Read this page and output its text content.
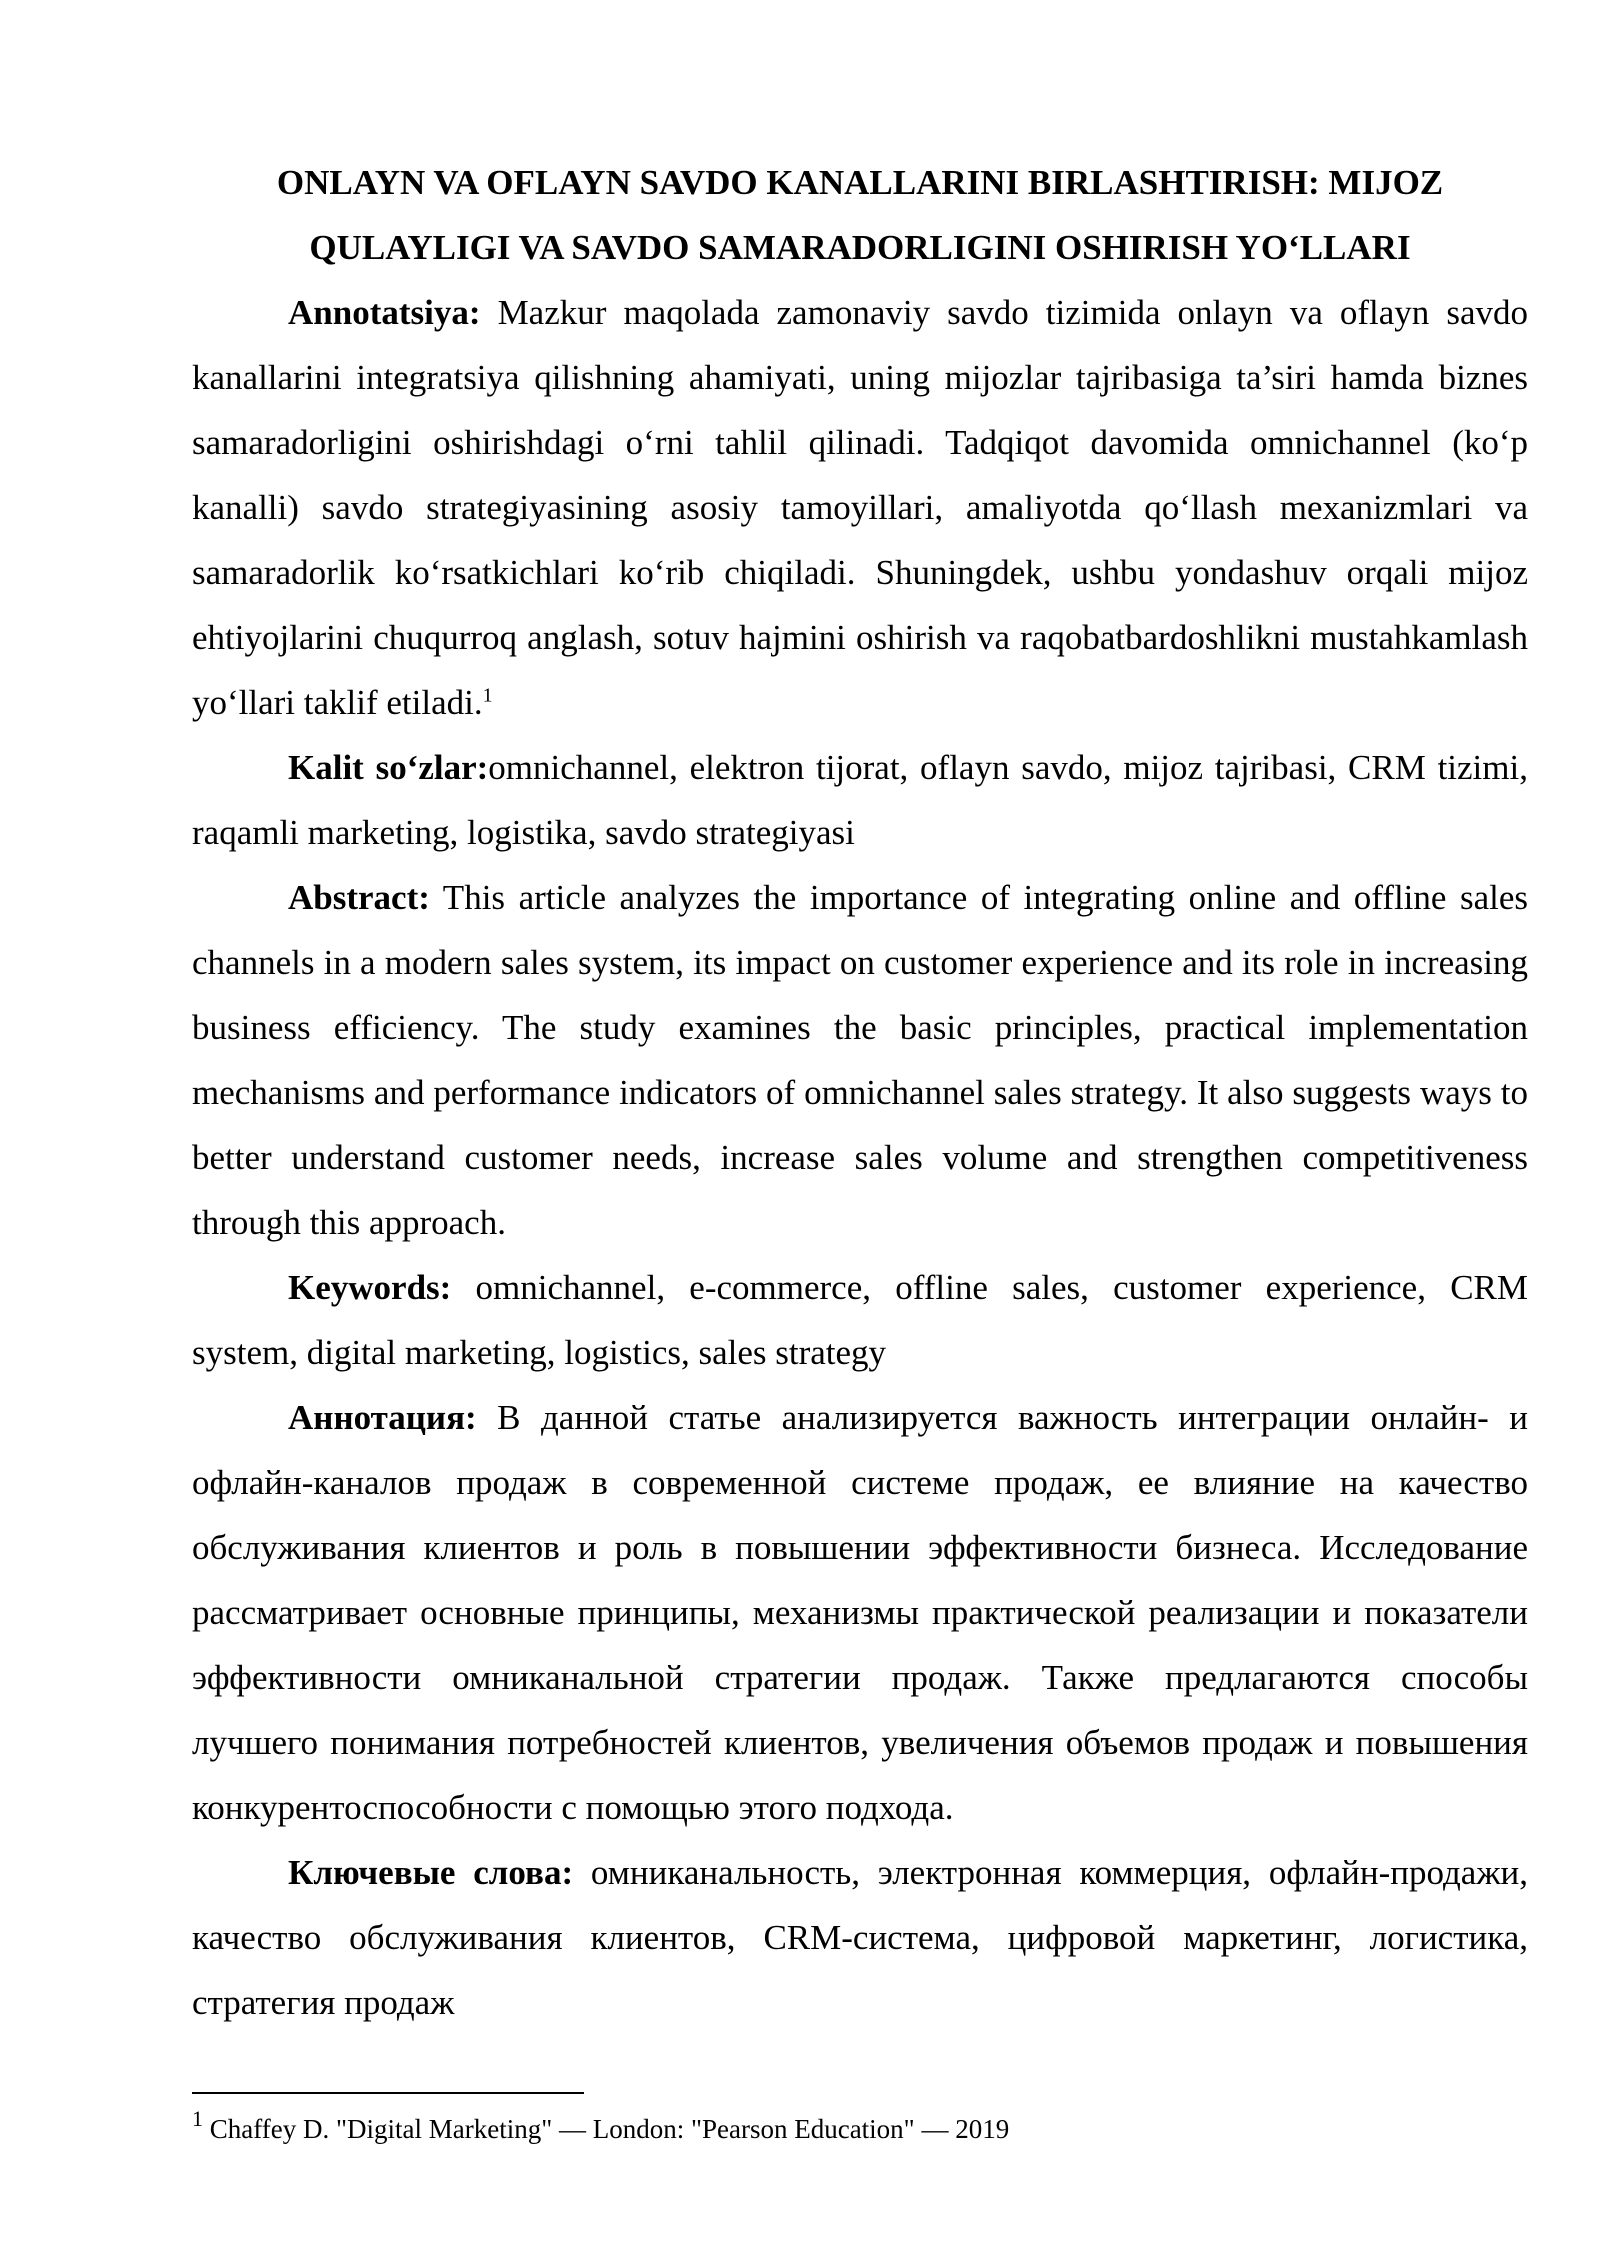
ONLAYN VA OFLAYN SAVDO KANALLARINI BIRLASHTIRISH: MIJOZ
QULAYLIGI VA SAVDO SAMARADORLIGINI OSHIRISH YO‘LLARI

Annotatsiya: Mazkur maqolada zamonaviy savdo tizimida onlayn va oflayn savdo kanallarini integratsiya qilishning ahamiyati, uning mijozlar tajribasiga ta’siri hamda biznes samaradorligini oshirishdagi o‘rni tahlil qilinadi. Tadqiqot davomida omnichannel (ko‘p kanalli) savdo strategiyasining asosiy tamoyillari, amaliyotda qo‘llash mexanizmlari va samaradorlik ko‘rsatkichlari ko‘rib chiqiladi. Shuningdek, ushbu yondashuv orqali mijoz ehtiyojlarini chuqurroq anglash, sotuv hajmini oshirish va raqobatbardoshlikni mustahkamlash yo‘llari taklif etiladi.$^1$

Kalit so‘zlar:omnichannel, elektron tijorat, oflayn savdo, mijoz tajribasi, CRM tizimi, raqamli marketing, logistika, savdo strategiyasi

Abstract: This article analyzes the importance of integrating online and offline sales channels in a modern sales system, its impact on customer experience and its role in increasing business efficiency. The study examines the basic principles, practical implementation mechanisms and performance indicators of omnichannel sales strategy. It also suggests ways to better understand customer needs, increase sales volume and strengthen competitiveness through this approach.

Keywords: omnichannel, e-commerce, offline sales, customer experience, CRM system, digital marketing, logistics, sales strategy

Аннотация: В данной статье анализируется важность интеграции онлайн- и офлайн-каналов продаж в современной системе продаж, ее влияние на качество обслуживания клиентов и роль в повышении эффективности бизнеса. Исследование рассматривает основные принципы, механизмы практической реализации и показатели эффективности омниканальной стратегии продаж. Также предлагаются способы лучшего понимания потребностей клиентов, увеличения объемов продаж и повышения конкурентоспособности с помощью этого подхода.

Ключевые слова: омниканальность, электронная коммерция, офлайн-продажи, качество обслуживания клиентов, CRM-система, цифровой маркетинг, логистика, стратегия продаж

$^1$ Chaffey D. "Digital Marketing" — London: "Pearson Education" — 2019
